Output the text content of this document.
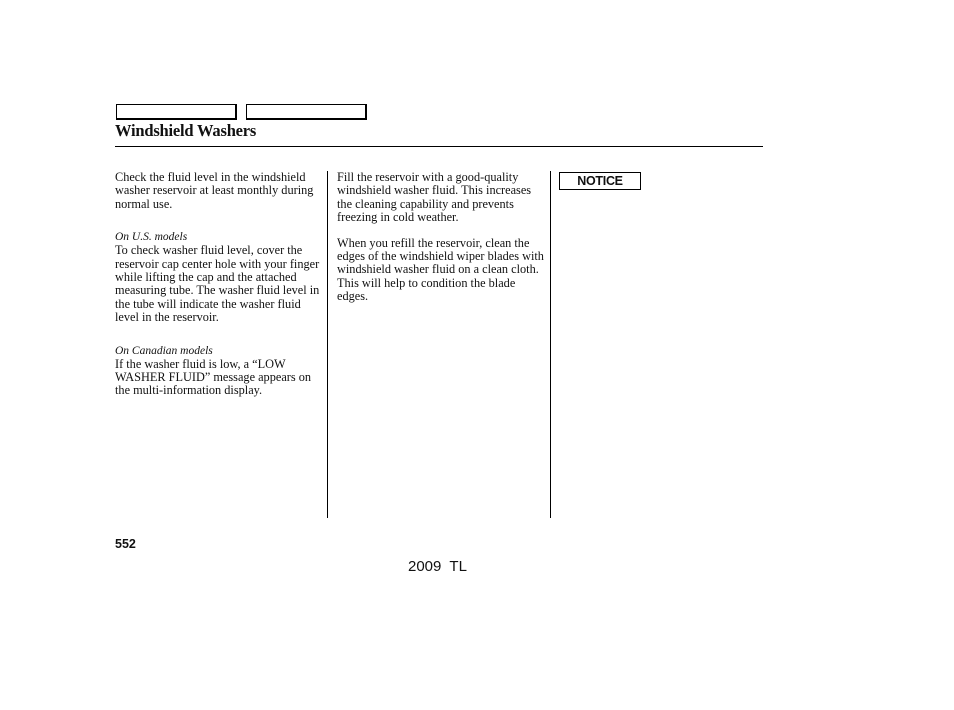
Windshield Washers

Check the fluid level in the windshield washer reservoir at least monthly during normal use.

On U.S. models

To check washer fluid level, cover the reservoir cap center hole with your finger while lifting the cap and the attached measuring tube. The washer fluid level in the tube will indicate the washer fluid level in the reservoir.

On Canadian models

If the washer fluid is low, a “LOW WASHER FLUID” message appears on the multi-information display.

Fill the reservoir with a good-quality windshield washer fluid. This increases the cleaning capability and prevents freezing in cold weather.

When you refill the reservoir, clean the edges of the windshield wiper blades with windshield washer fluid on a clean cloth. This will help to condition the blade edges.

NOTICE
552
2009  TL
